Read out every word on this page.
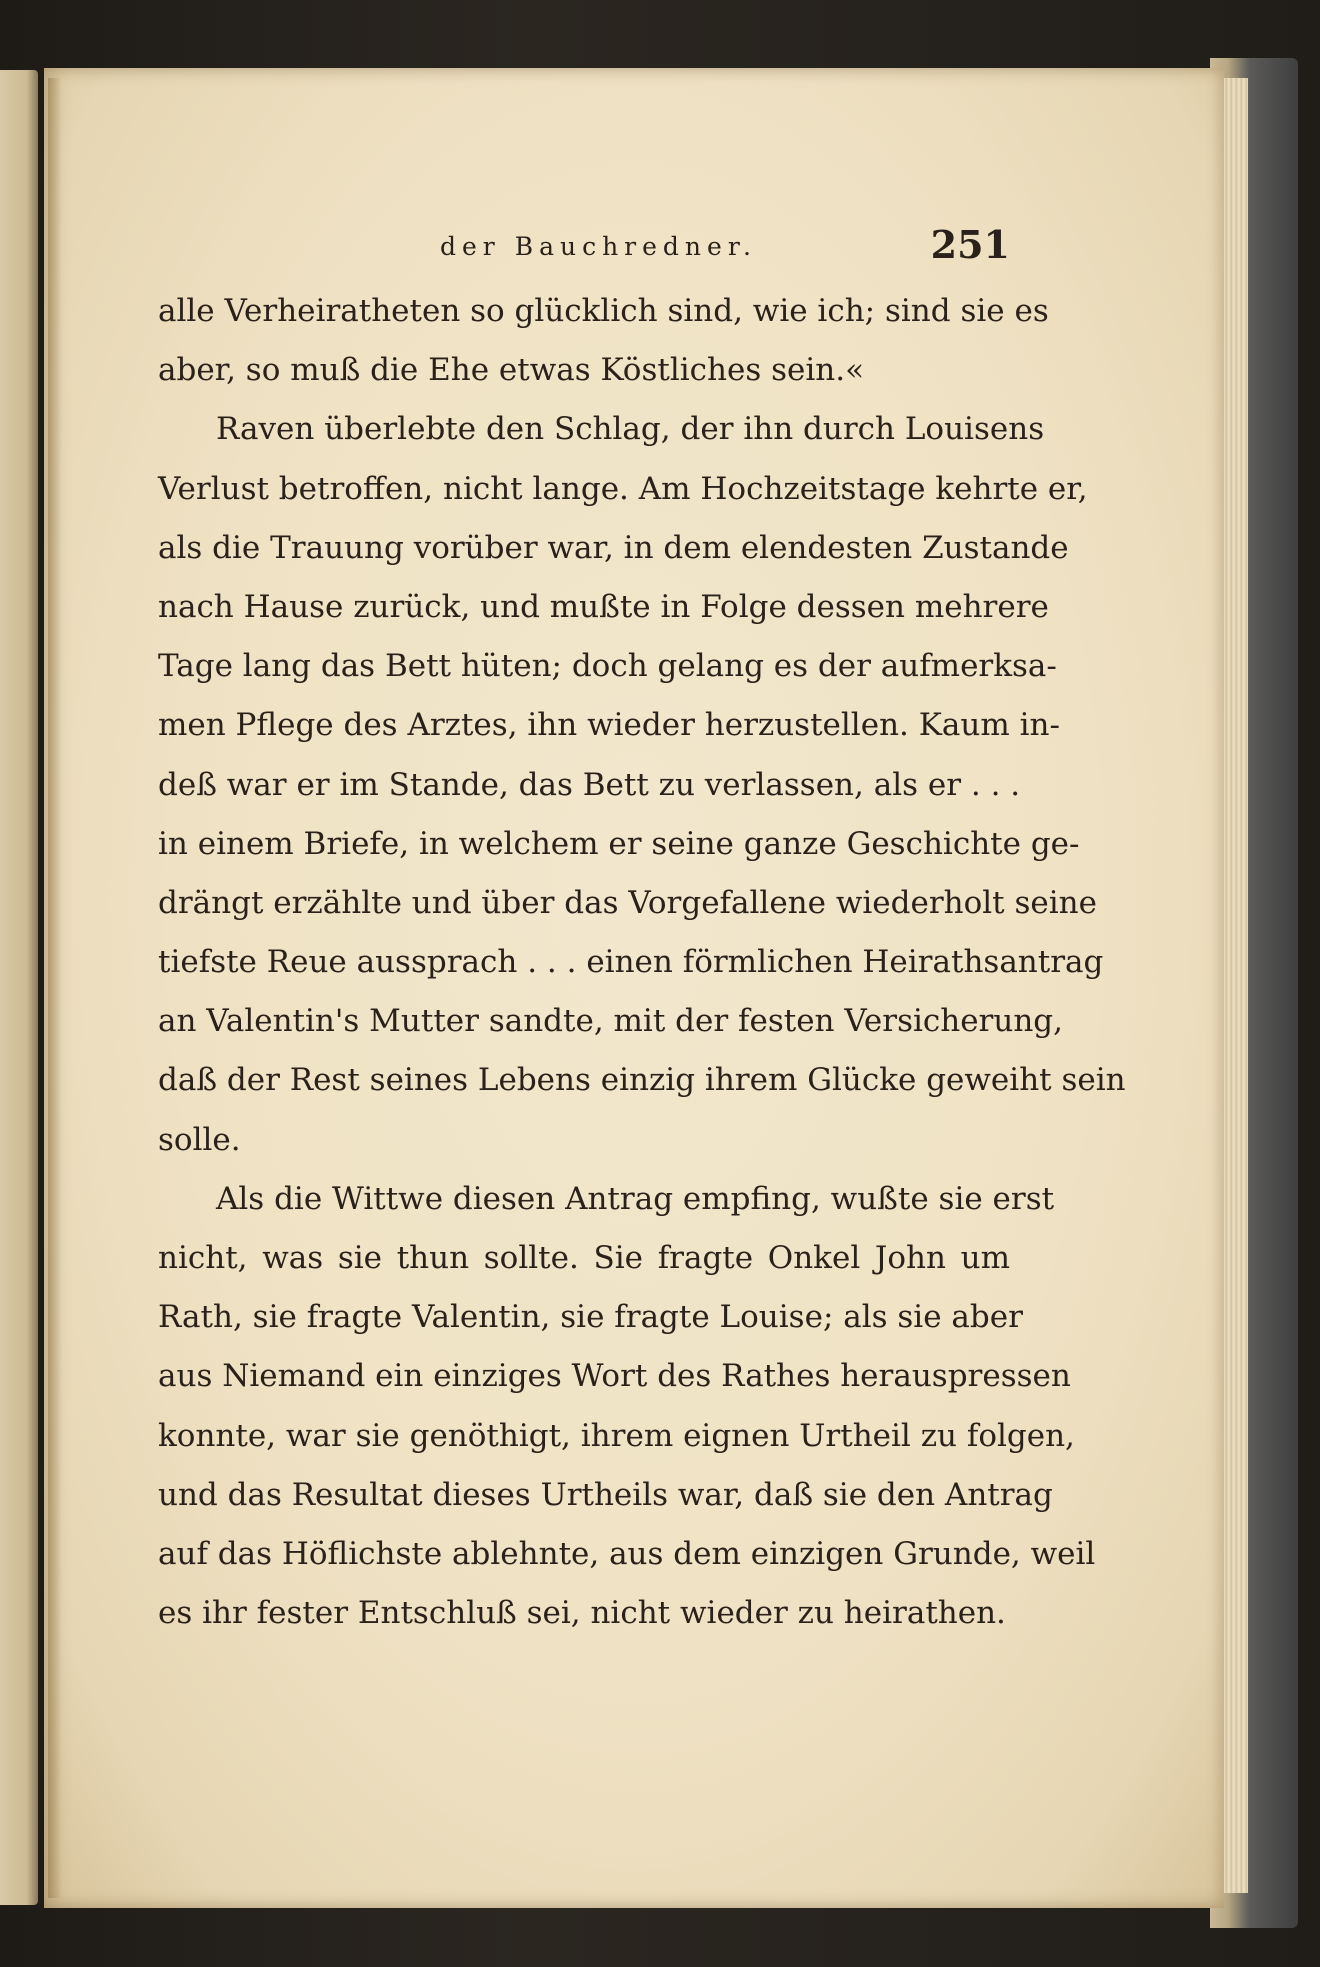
der Bauchredner.	251
alle Verheiratheten so glücklich sind, wie ich; sind sie es
aber, so muß die Ehe etwas Köstliches sein.«
Raven überlebte den Schlag, der ihn durch Louisens
Verlust betroffen, nicht lange. Am Hochzeitstage kehrte er,
als die Trauung vorüber war, in dem elendesten Zustande
nach Hause zurück, und mußte in Folge dessen mehrere
Tage lang das Bett hüten; doch gelang es der aufmerksa-
men Pflege des Arztes, ihn wieder herzustellen. Kaum in-
deß war er im Stande, das Bett zu verlassen, als er . . .
in einem Briefe, in welchem er seine ganze Geschichte ge-
drängt erzählte und über das Vorgefallene wiederholt seine
tiefste Reue aussprach . . . einen förmlichen Heirathsantrag
an Valentin's Mutter sandte, mit der festen Versicherung,
daß der Rest seines Lebens einzig ihrem Glücke geweiht sein
solle.
Als die Wittwe diesen Antrag empfing, wußte sie erst
nicht, was sie thun sollte. Sie fragte Onkel John um
Rath, sie fragte Valentin, sie fragte Louise; als sie aber
aus Niemand ein einziges Wort des Rathes herauspressen
konnte, war sie genöthigt, ihrem eignen Urtheil zu folgen,
und das Resultat dieses Urtheils war, daß sie den Antrag
auf das Höflichste ablehnte, aus dem einzigen Grunde, weil
es ihr fester Entschluß sei, nicht wieder zu heirathen.
